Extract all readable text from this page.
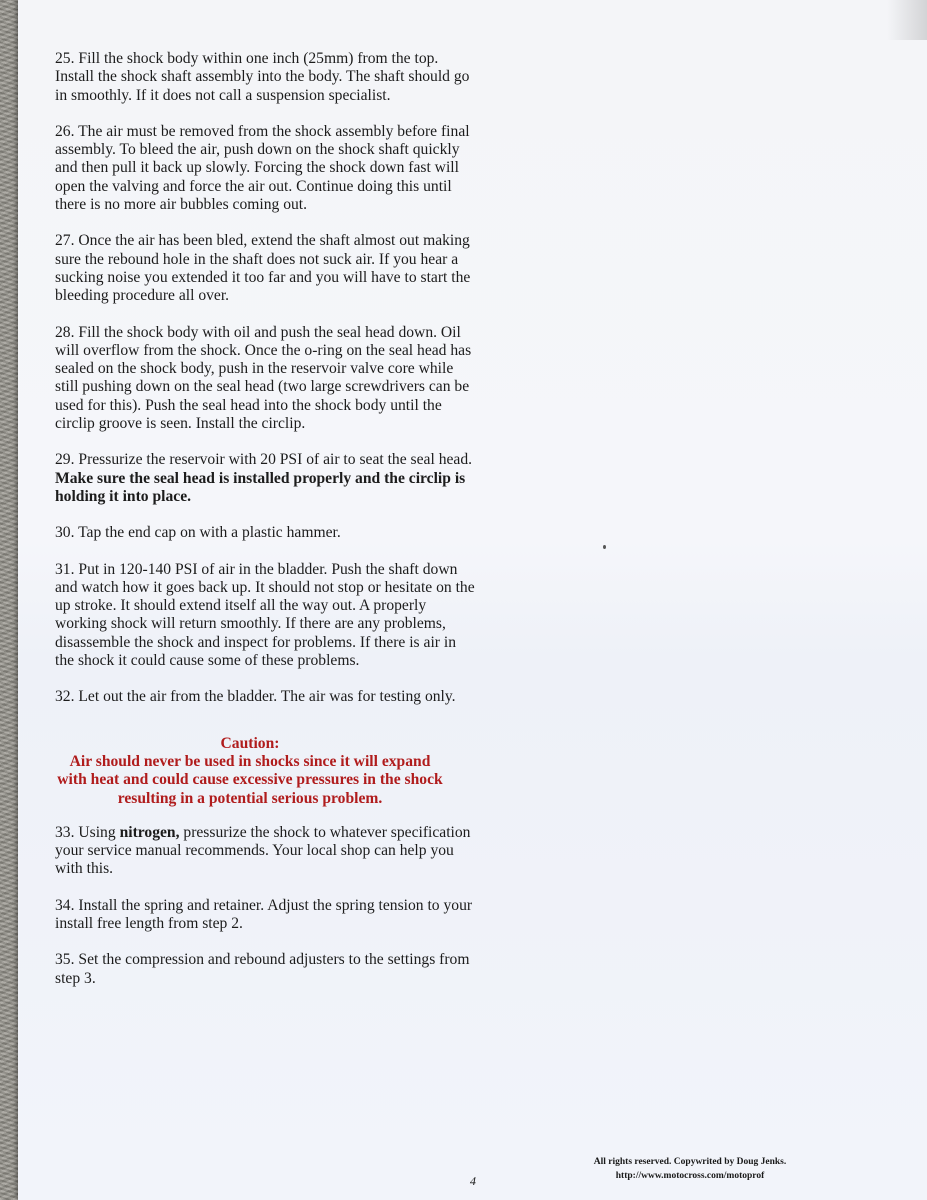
25. Fill the shock body within one inch (25mm) from the top. Install the shock shaft assembly into the body. The shaft should go in smoothly. If it does not call a suspension specialist.

26. The air must be removed from the shock assembly before final assembly. To bleed the air, push down on the shock shaft quickly and then pull it back up slowly. Forcing the shock down fast will open the valving and force the air out. Continue doing this until there is no more air bubbles coming out.

27. Once the air has been bled, extend the shaft almost out making sure the rebound hole in the shaft does not suck air. If you hear a sucking noise you extended it too far and you will have to start the bleeding procedure all over.

28. Fill the shock body with oil and push the seal head down. Oil will overflow from the shock. Once the o-ring on the seal head has sealed on the shock body, push in the reservoir valve core while still pushing down on the seal head (two large screwdrivers can be used for this). Push the seal head into the shock body until the circlip groove is seen. Install the circlip.

29. Pressurize the reservoir with 20 PSI of air to seat the seal head. Make sure the seal head is installed properly and the circlip is holding it into place.

30. Tap the end cap on with a plastic hammer.

31. Put in 120-140 PSI of air in the bladder. Push the shaft down and watch how it goes back up. It should not stop or hesitate on the up stroke. It should extend itself all the way out. A properly working shock will return smoothly. If there are any problems, disassemble the shock and inspect for problems. If there is air in the shock it could cause some of these problems.

32. Let out the air from the bladder. The air was for testing only.

Caution:
Air should never be used in shocks since it will expand with heat and could cause excessive pressures in the shock resulting in a potential serious problem.

33. Using nitrogen, pressurize the shock to whatever specification your service manual recommends. Your local shop can help you with this.

34. Install the spring and retainer. Adjust the spring tension to your install free length from step 2.

35. Set the compression and rebound adjusters to the settings from step 3.

All rights reserved. Copywrited by Doug Jenks.
http://www.motocross.com/motoprof
4
